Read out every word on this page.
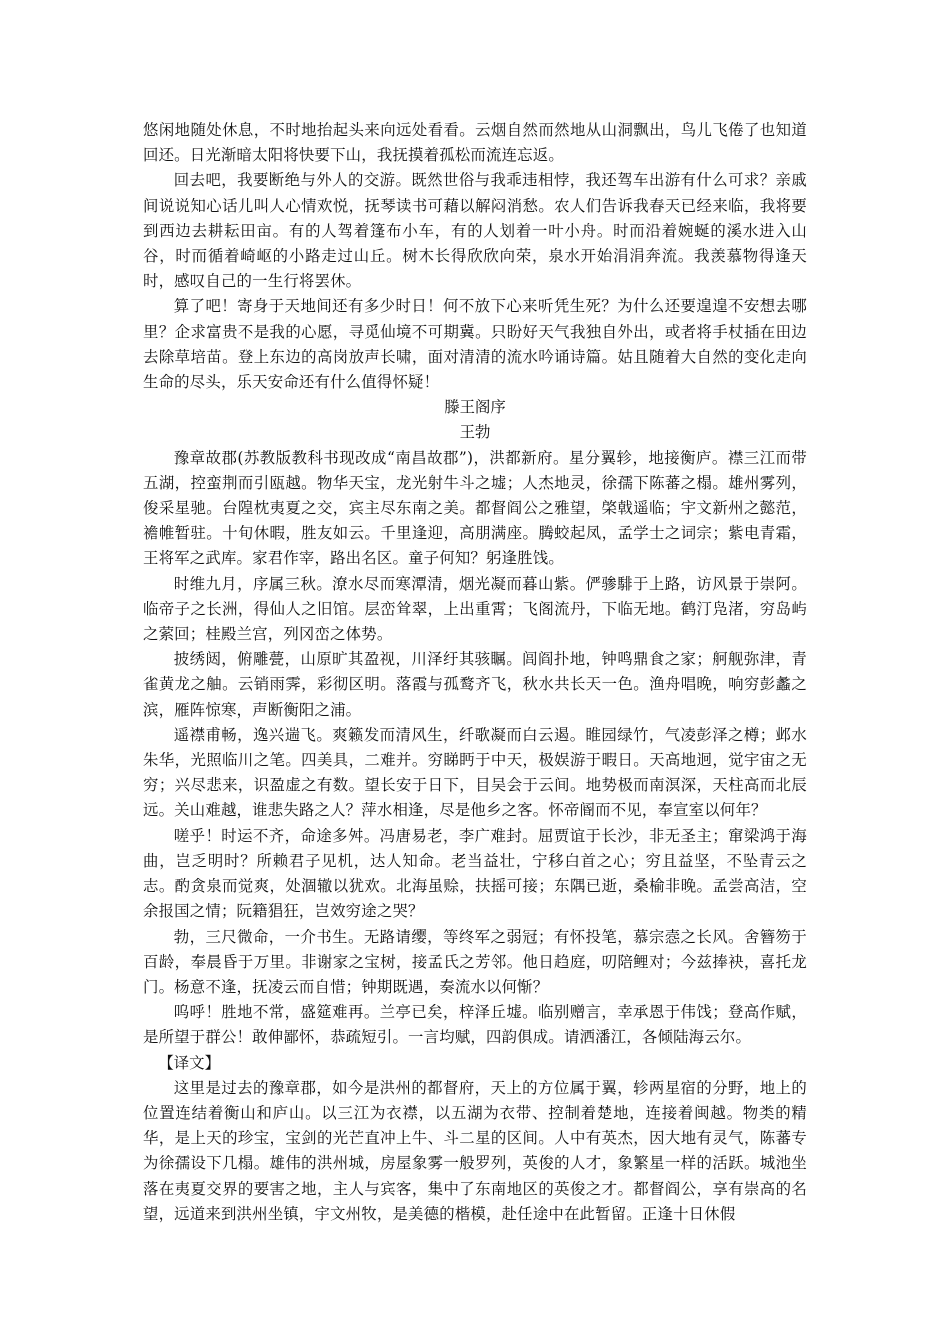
悠闲地随处休息，不时地抬起头来向远处看看。云烟自然而然地从山洞飘出，鸟儿飞倦了也知道回还。日光渐暗太阳将快要下山，我抚摸着孤松而流连忘返。

回去吧，我要断绝与外人的交游。既然世俗与我乖违相悖，我还驾车出游有什么可求？亲戚间说说知心话儿叫人心情欢悦，抚琴读书可藉以解闷消愁。农人们告诉我春天已经来临，我将要到西边去耕耘田亩。有的人驾着篷布小车，有的人划着一叶小舟。时而沿着婉蜒的溪水进入山谷，时而循着崎岖的小路走过山丘。树木长得欣欣向荣，泉水开始涓涓奔流。我羡慕物得逢天时，感叹自己的一生行将罢休。

算了吧！寄身于天地间还有多少时日！何不放下心来听凭生死？为什么还要遑遑不安想去哪里？企求富贵不是我的心愿，寻觅仙境不可期冀。只盼好天气我独自外出，或者将手杖插在田边去除草培苗。登上东边的高岗放声长啸，面对清清的流水吟诵诗篇。姑且随着大自然的变化走向生命的尽头，乐天安命还有什么值得怀疑！

滕王阁序

王勃

豫章故郡(苏教版教科书现改成“南昌故郡”)，洪都新府。星分翼轸，地接衡庐。襟三江而带五湖，控蛮荆而引瓯越。物华天宝，龙光射牛斗之墟；人杰地灵，徐孺下陈蕃之榻。雄州雾列，俊采星驰。台隍枕夷夏之交，宾主尽东南之美。都督阎公之雅望，棨戟遥临；宇文新州之懿范，襜帷暂驻。十旬休暇，胜友如云。千里逢迎，高朋满座。腾蛟起凤，孟学士之词宗；紫电青霜，王将军之武库。家君作宰，路出名区。童子何知？躬逢胜饯。

时维九月，序属三秋。潦水尽而寒潭清，烟光凝而暮山紫。俨骖騑于上路，访风景于崇阿。临帝子之长洲，得仙人之旧馆。层峦耸翠，上出重霄；飞阁流丹，下临无地。鹤汀凫渚，穷岛屿之萦回；桂殿兰宫，列冈峦之体势。

披绣闼，俯雕甍，山原旷其盈视，川泽纡其骇瞩。闾阎扑地，钟鸣鼎食之家；舸舰弥津，青雀黄龙之舳。云销雨霁，彩彻区明。落霞与孤鹜齐飞，秋水共长天一色。渔舟唱晚，响穷彭蠡之滨，雁阵惊寒，声断衡阳之浦。

遥襟甫畅，逸兴遄飞。爽籁发而清风生，纤歌凝而白云遏。睢园绿竹，气凌彭泽之樽；邺水朱华，光照临川之笔。四美具，二难并。穷睇眄于中天，极娱游于暇日。天高地迥，觉宇宙之无穷；兴尽悲来，识盈虚之有数。望长安于日下，目吴会于云间。地势极而南溟深，天柱高而北辰远。关山难越，谁悲失路之人？萍水相逢，尽是他乡之客。怀帝阍而不见，奉宣室以何年？

嗟乎！时运不齐，命途多舛。冯唐易老，李广难封。屈贾谊于长沙，非无圣主；窜梁鸿于海曲，岂乏明时？所赖君子见机，达人知命。老当益壮，宁移白首之心；穷且益坚，不坠青云之志。酌贪泉而觉爽，处涸辙以犹欢。北海虽赊，扶摇可接；东隅已逝，桑榆非晚。孟尝高洁，空余报国之情；阮籍猖狂，岂效穷途之哭？

勃，三尺微命，一介书生。无路请缨，等终军之弱冠；有怀投笔，慕宗悫之长风。舍簪笏于百龄，奉晨昏于万里。非谢家之宝树，接孟氏之芳邻。他日趋庭，叨陪鲤对；今兹捧袂，喜托龙门。杨意不逢，抚凌云而自惜；钟期既遇，奏流水以何惭？

呜呼！胜地不常，盛筵难再。兰亭已矣，梓泽丘墟。临别赠言，幸承恩于伟饯；登高作赋，是所望于群公！敢伸鄙怀，恭疏短引。一言均赋，四韵俱成。请洒潘江，各倾陆海云尔。

【译文】

这里是过去的豫章郡，如今是洪州的都督府，天上的方位属于翼，轸两星宿的分野，地上的位置连结着衡山和庐山。以三江为衣襟，以五湖为衣带、控制着楚地，连接着闽越。物类的精华，是上天的珍宝，宝剑的光芒直冲上牛、斗二星的区间。人中有英杰，因大地有灵气，陈蕃专为徐孺设下几榻。雄伟的洪州城，房屋象雾一般罗列，英俊的人才，象繁星一样的活跃。城池坐落在夷夏交界的要害之地，主人与宾客，集中了东南地区的英俊之才。都督阎公，享有崇高的名望，远道来到洪州坐镇，宇文州牧，是美德的楷模，赴任途中在此暂留。正逢十日休假
